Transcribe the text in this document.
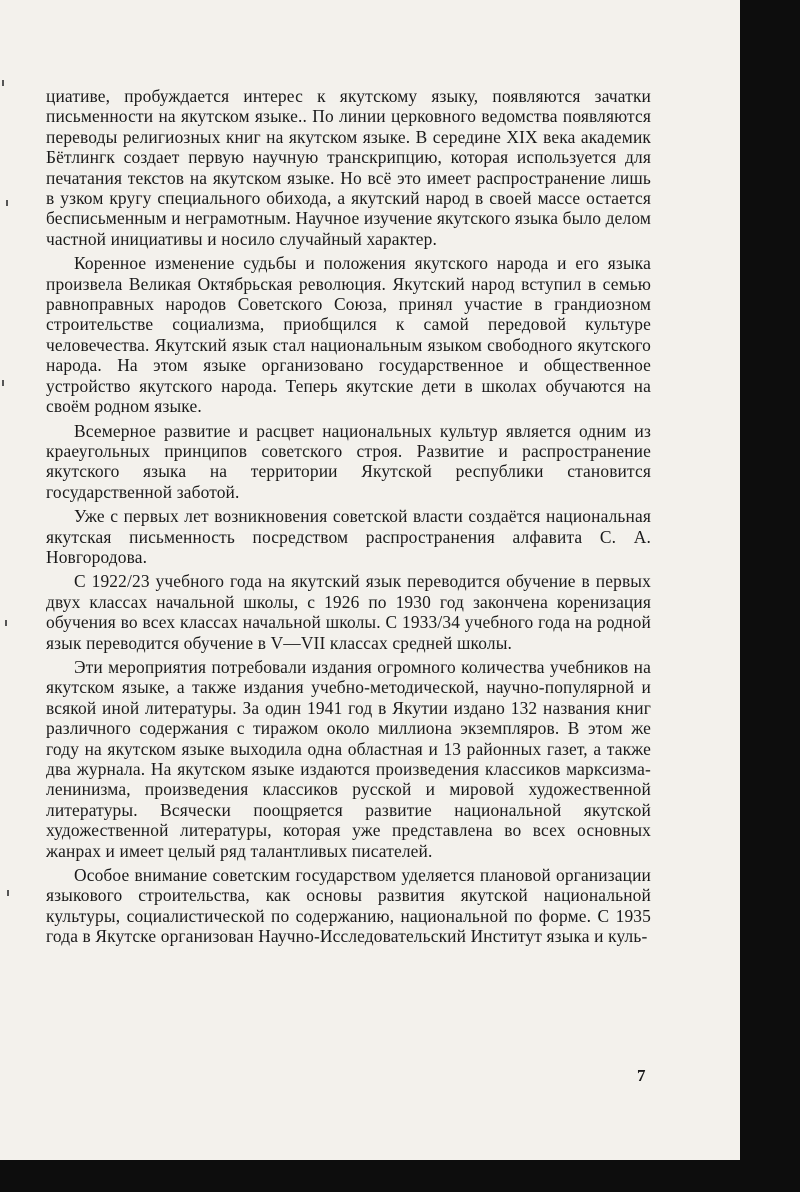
циативе, пробуждается интерес к якутскому языку, появляются зачатки письменности на якутском языке.. По линии церковного ведомства появляются переводы религиозных книг на якутском языке. В середине XIX века академик Бётлингк создает первую научную транскрипцию, которая используется для печатания текстов на якутском языке. Но всё это имеет распространение лишь в узком кругу специального обихода, а якутский народ в своей массе остается бесписьменным и неграмотным. Научное изучение якутского языка было делом частной инициативы и носило случайный характер.

Коренное изменение судьбы и положения якутского народа и его языка произвела Великая Октябрьская революция. Якутский народ вступил в семью равноправных народов Советского Союза, принял участие в грандиозном строительстве социализма, приобщился к самой передовой культуре человечества. Якутский язык стал национальным языком свободного якутского народа. На этом языке организовано государственное и общественное устройство якутского народа. Теперь якутские дети в школах обучаются на своём родном языке.

Всемерное развитие и расцвет национальных культур является одним из краеугольных принципов советского строя. Развитие и распространение якутского языка на территории Якутской республики становится государственной заботой.

Уже с первых лет возникновения советской власти создаётся национальная якутская письменность посредством распространения алфавита С. А. Новгородова.

С 1922/23 учебного года на якутский язык переводится обучение в первых двух классах начальной школы, с 1926 по 1930 год закончена коренизация обучения во всех классах начальной школы. С 1933/34 учебного года на родной язык переводится обучение в V—VII классах средней школы.

Эти мероприятия потребовали издания огромного количества учебников на якутском языке, а также издания учебно-методической, научно-популярной и всякой иной литературы. За один 1941 год в Якутии издано 132 названия книг различного содержания с тиражом около миллиона экземпляров. В этом же году на якутском языке выходила одна областная и 13 районных газет, а также два журнала. На якутском языке издаются произведения классиков марксизма-ленинизма, произведения классиков русской и мировой художественной литературы. Всячески поощряется развитие национальной якутской художественной литературы, которая уже представлена во всех основных жанрах и имеет целый ряд талантливых писателей.

Особое внимание советским государством уделяется плановой организации языкового строительства, как основы развития якутской национальной культуры, социалистической по содержанию, национальной по форме. С 1935 года в Якутске организован Научно-Исследовательский Институт языка и куль-

7
